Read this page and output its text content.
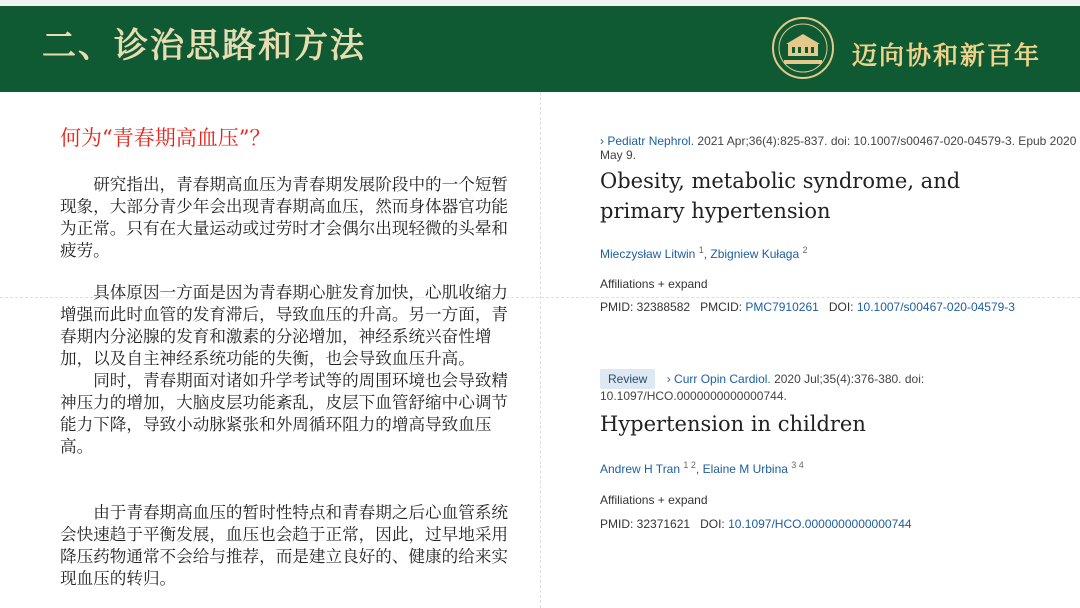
二、诊治思路和方法	迈向协和新百年
何为“青春期高血压”？

研究指出，青春期高血压为青春期发展阶段中的一个短暂现象，大部分青少年会出现青春期高血压，然而身体器官功能为正常。只有在大量运动或过劳时才会偶尔出现轻微的头晕和疲劳。

具体原因一方面是因为青春期心脏发育加快，心肌收缩力增强而此时血管的发育滞后，导致血压的升高。另一方面，青春期内分泌腺的发育和激素的分泌增加，神经系统兴奋性增加，以及自主神经系统功能的失衡，也会导致血压升高。
同时，青春期面对诸如升学考试等的周围环境也会导致精神压力的增加，大脑皮层功能紊乱，皮层下血管舒缩中心调节能力下降，导致小动脉紧张和外周循环阻力的增高导致血压高。

由于青春期高血压的暂时性特点和青春期之后心血管系统会快速趋于平衡发展，血压也会趋于正常，因此，过早地采用降压药物通常不会给与推荐，而是建立良好的、健康的给来实现血压的转归。

› Pediatr Nephrol. 2021 Apr;36(4):825-837. doi: 10.1007/s00467-020-04579-3. Epub 2020 May 9.
Obesity, metabolic syndrome, and primary hypertension
Mieczysław Litwin $^1$, Zbigniew Kułaga $^2$
Affiliations + expand
PMID: 32388582 PMCID: PMC7910261 DOI: 10.1007/s00467-020-04579-3
Review › Curr Opin Cardiol. 2020 Jul;35(4):376-380. doi: 10.1097/HCO.0000000000000744.
Hypertension in children
Andrew H Tran $^{1 2}$, Elaine M Urbina $^{3 4}$
Affiliations + expand
PMID: 32371621 DOI: 10.1097/HCO.0000000000000744
